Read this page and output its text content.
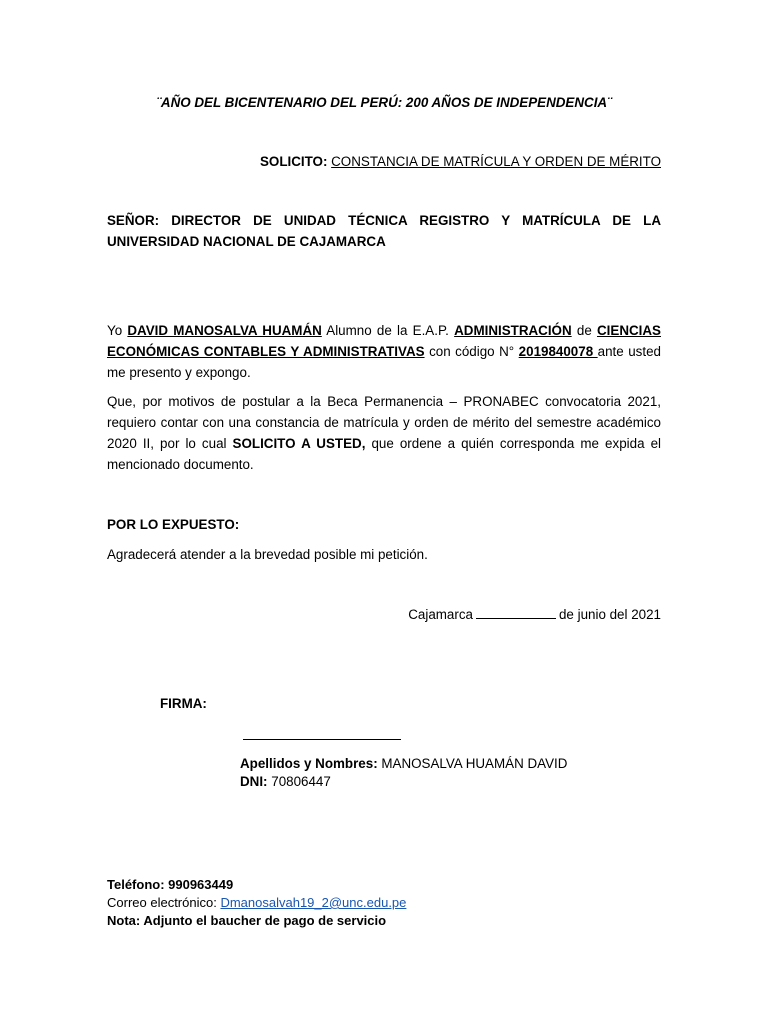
¨AÑO DEL BICENTENARIO DEL PERÚ: 200 AÑOS DE INDEPENDENCIA¨
SOLICITO: CONSTANCIA DE MATRÍCULA Y ORDEN DE MÉRITO
SEÑOR: DIRECTOR DE UNIDAD TÉCNICA REGISTRO Y MATRÍCULA DE LA UNIVERSIDAD NACIONAL DE CAJAMARCA
Yo DAVID MANOSALVA HUAMÁN Alumno de la E.A.P. ADMINISTRACIÓN de CIENCIAS ECONÓMICAS CONTABLES Y ADMINISTRATIVAS con código N° 2019840078 ante usted me presento y expongo.
Que, por motivos de postular a la Beca Permanencia – PRONABEC convocatoria 2021, requiero contar con una constancia de matrícula y orden de mérito del semestre académico 2020 II, por lo cual SOLICITO A USTED, que ordene a quién corresponda me expida el mencionado documento.
POR LO EXPUESTO:
Agradecerá atender a la brevedad posible mi petición.
Cajamarca	de junio del 2021
FIRMA:
Apellidos y Nombres: MANOSALVA HUAMÁN DAVID
DNI: 70806447
Teléfono: 990963449
Correo electrónico: Dmanosalvah19_2@unc.edu.pe
Nota: Adjunto el baucher de pago de servicio
